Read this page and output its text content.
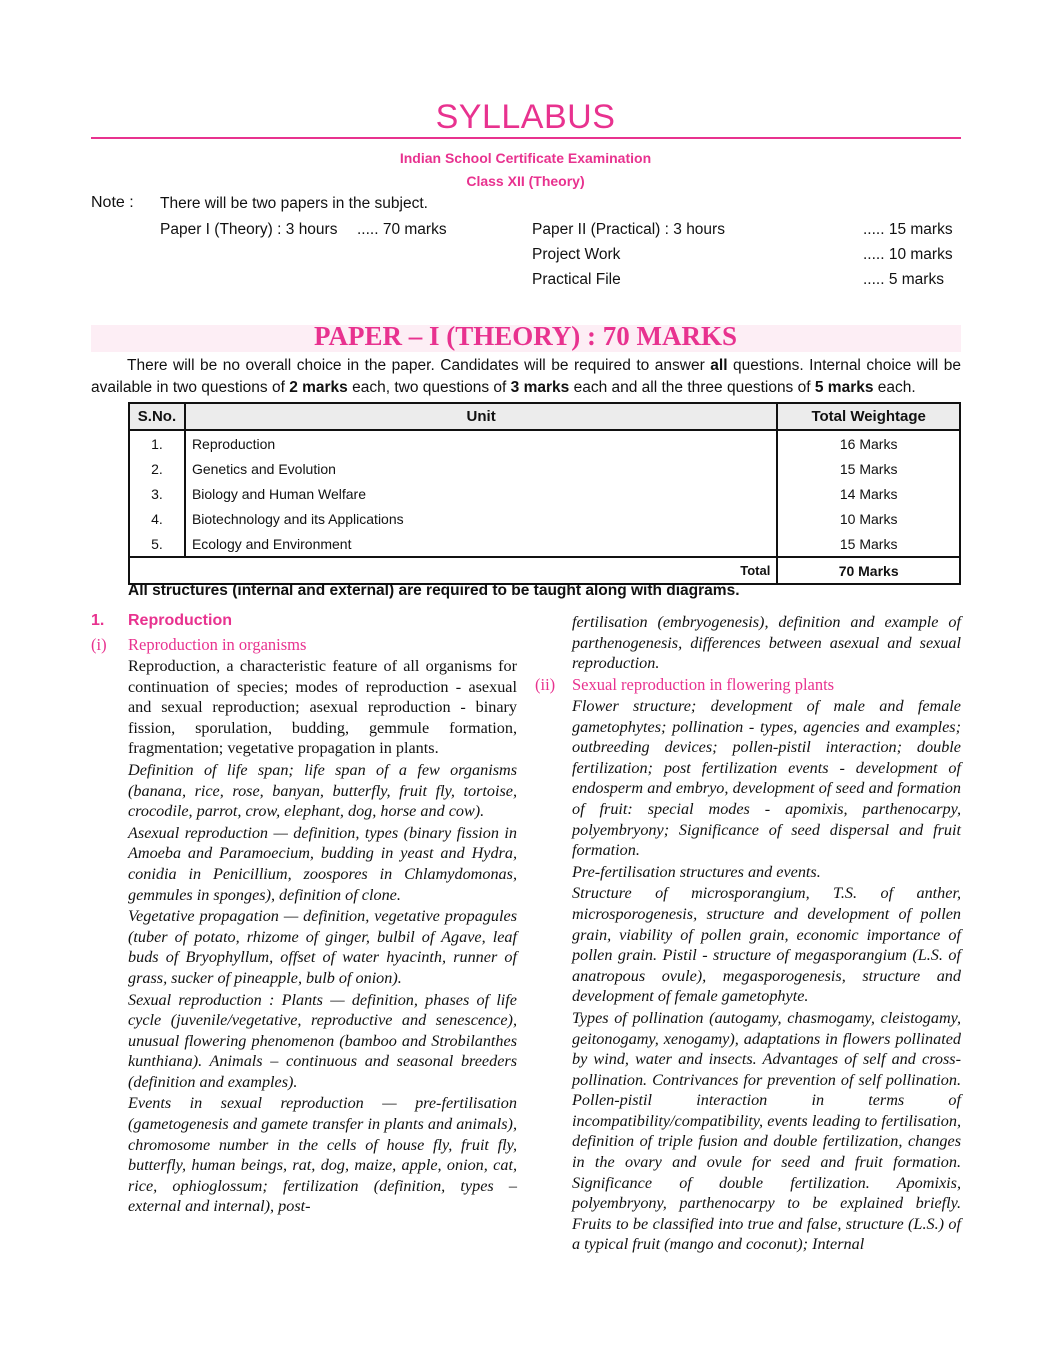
SYLLABUS
Indian School Certificate Examination
Class XII (Theory)
Note : There will be two papers in the subject.
Paper I (Theory) : 3 hours ..... 70 marks	Paper II (Practical) : 3 hours	..... 15 marks
Project Work	..... 10 marks
Practical File	..... 5 marks
PAPER – I (THEORY) : 70 MARKS

There will be no overall choice in the paper. Candidates will be required to answer all questions. Internal choice will be available in two questions of 2 marks each, two questions of 3 marks each and all the three questions of 5 marks each.

S.No.	Unit	Total Weightage
1.	Reproduction	16 Marks
2.	Genetics and Evolution	15 Marks
3.	Biology and Human Welfare	14 Marks
4.	Biotechnology and its Applications	10 Marks
5.	Ecology and Environment	15 Marks
Total		70 Marks
All structures (internal and external) are required to be taught along with diagrams.
1. Reproduction
(i) Reproduction in organisms

Reproduction, a characteristic feature of all organisms for continuation of species; modes of reproduction - asexual and sexual reproduction; asexual reproduction - binary fission, sporulation, budding, gemmule formation, fragmentation; vegetative propagation in plants.

Definition of life span; life span of a few organisms (banana, rice, rose, banyan, butterfly, fruit fly, tortoise, crocodile, parrot, crow, elephant, dog, horse and cow).

Asexual reproduction — definition, types (binary fission in Amoeba and Paramoecium, budding in yeast and Hydra, conidia in Penicillium, zoospores in Chlamydomonas, gemmules in sponges), definition of clone.

Vegetative propagation — definition, vegetative propagules (tuber of potato, rhizome of ginger, bulbil of Agave, leaf buds of Bryophyllum, offset of water hyacinth, runner of grass, sucker of pineapple, bulb of onion).

Sexual reproduction : Plants — definition, phases of life cycle (juvenile/vegetative, reproductive and senescence), unusual flowering phenomenon (bamboo and Strobilanthes kunthiana). Animals – continuous and seasonal breeders (definition and examples).

Events in sexual reproduction — pre-fertilisation (gametogenesis and gamete transfer in plants and animals), chromosome number in the cells of house fly, fruit fly, butterfly, human beings, rat, dog, maize, apple, onion, cat, rice, ophioglossum; fertilization (definition, types – external and internal), post-

fertilisation (embryogenesis), definition and example of parthenogenesis, differences between asexual and sexual reproduction.

(ii) Sexual reproduction in flowering plants

Flower structure; development of male and female gametophytes; pollination - types, agencies and examples; outbreeding devices; pollen-pistil interaction; double fertilization; post fertilization events - development of endosperm and embryo, development of seed and formation of fruit: special modes - apomixis, parthenocarpy, polyembryony; Significance of seed dispersal and fruit formation.

Pre-fertilisation structures and events.

Structure of microsporangium, T.S. of anther, microsporogenesis, structure and development of pollen grain, viability of pollen grain, economic importance of pollen grain. Pistil - structure of megasporangium (L.S. of anatropous ovule), megasporogenesis, structure and development of female gametophyte.

Types of pollination (autogamy, chasmogamy, cleistogamy, geitonogamy, xenogamy), adaptations in flowers pollinated by wind, water and insects. Advantages of self and cross-pollination. Contrivances for prevention of self pollination. Pollen-pistil interaction in terms of incompatibility/compatibility, events leading to fertilisation, definition of triple fusion and double fertilization, changes in the ovary and ovule for seed and fruit formation. Significance of double fertilization. Apomixis, polyembryony, parthenocarpy to be explained briefly. Fruits to be classified into true and false, structure (L.S.) of a typical fruit (mango and coconut); Internal
